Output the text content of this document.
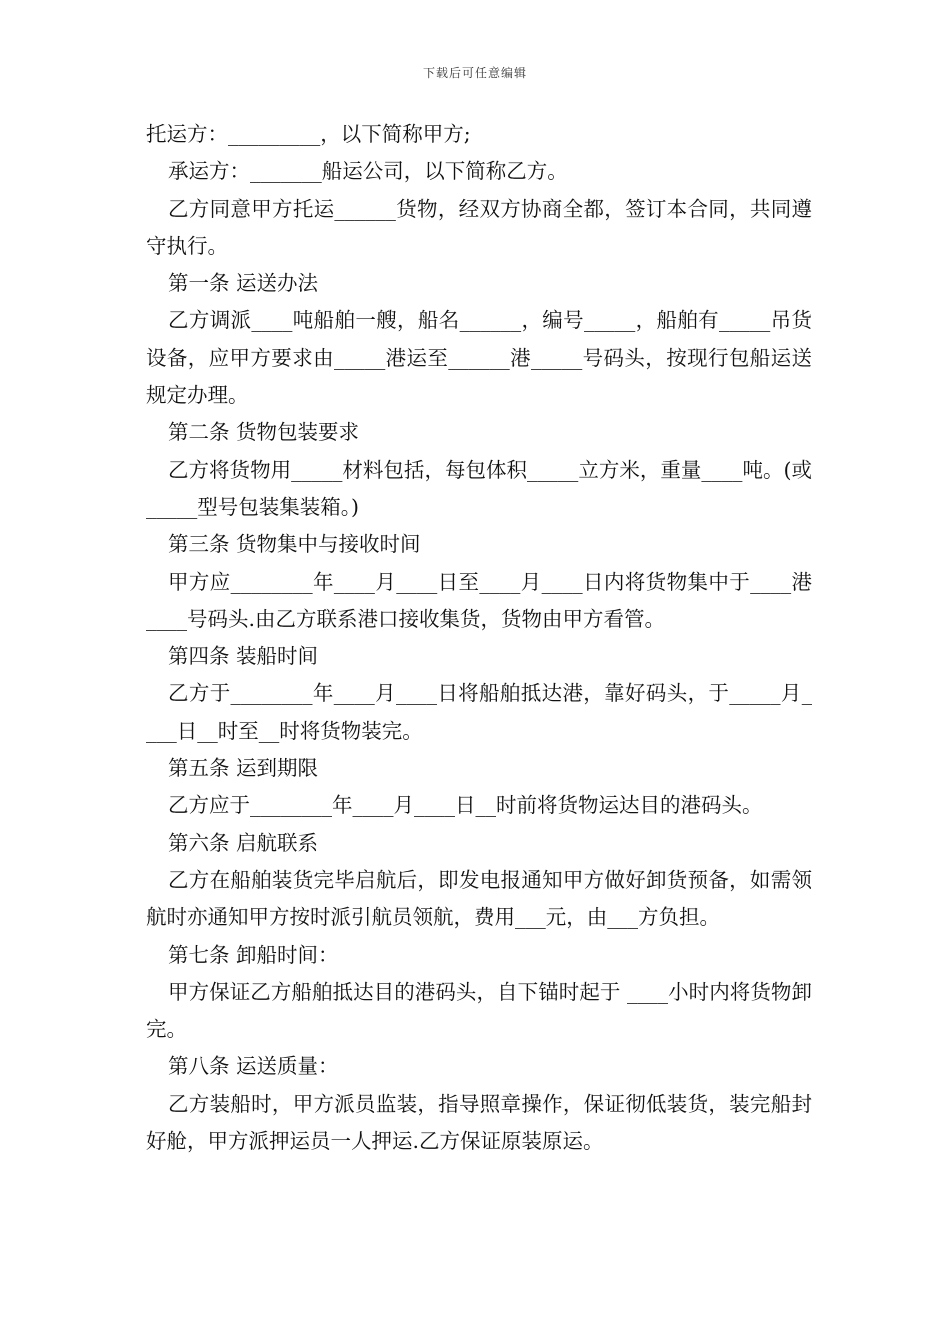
下载后可任意编辑

托运方：_________，以下简称甲方;

承运方：_______船运公司，以下简称乙方。

乙方同意甲方托运______货物，经双方协商全都，签订本合同，共同遵守执行。

第一条 运送办法

乙方调派____吨船舶一艘，船名______，编号_____，船舶有_____吊货设备，应甲方要求由_____港运至______港_____号码头，按现行包船运送规定办理。

第二条 货物包装要求

乙方将货物用_____材料包括，每包体积_____立方米，重量____吨。(或_____型号包装集装箱。)

第三条 货物集中与接收时间

甲方应________年____月____日至____月____日内将货物集中于____港____号码头.由乙方联系港口接收集货，货物由甲方看管。

第四条 装船时间

乙方于________年____月____日将船舶抵达港，靠好码头，于_____月____日__时至__时将货物装完。

第五条 运到期限

乙方应于________年____月____日__时前将货物运达目的港码头。

第六条 启航联系

乙方在船舶装货完毕启航后，即发电报通知甲方做好卸货预备，如需领航时亦通知甲方按时派引航员领航，费用___元，由___方负担。

第七条 卸船时间：

甲方保证乙方船舶抵达目的港码头，自下锚时起于 ____小时内将货物卸完。

第八条 运送质量：

乙方装船时，甲方派员监装，指导照章操作，保证彻低装货，装完船封好舱，甲方派押运员一人押运.乙方保证原装原运。
